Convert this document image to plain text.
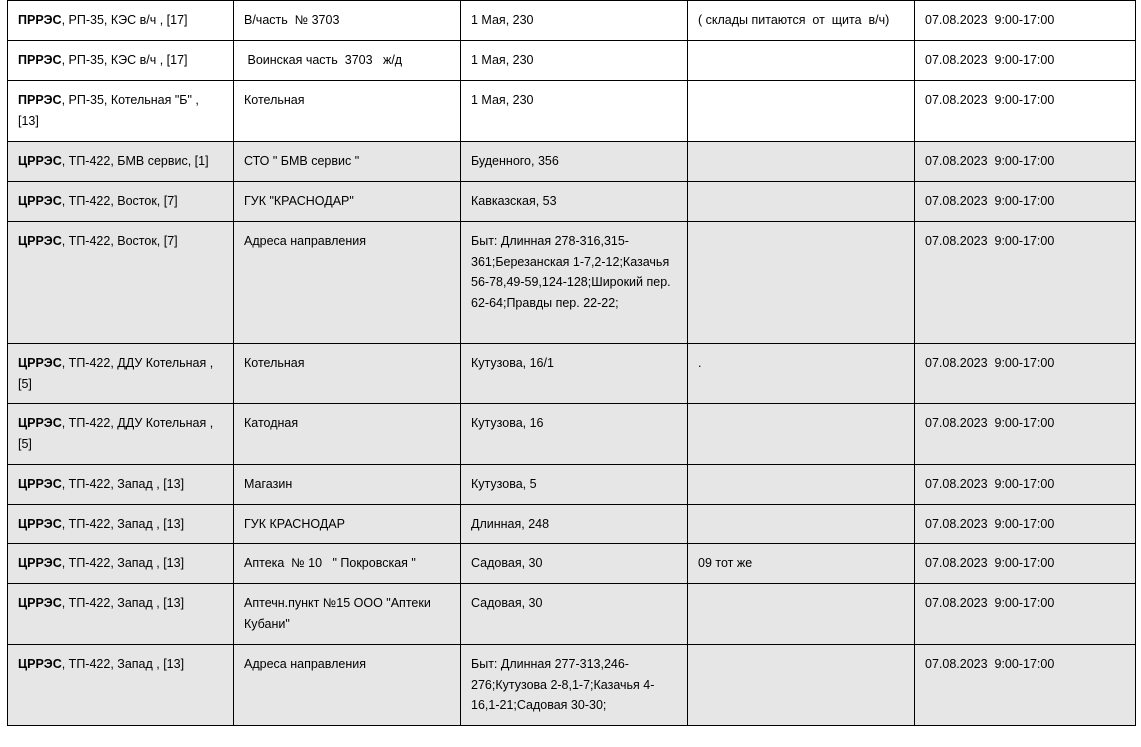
ПРРЭС, РП-35, КЭС в/ч , [17]	В/часть  № 3703	1 Мая, 230	( склады питаются  от  щита  в/ч)	07.08.2023  9:00-17:00
ПРРЭС, РП-35, КЭС в/ч , [17]	Воинская часть  3703   ж/д	1 Мая, 230		07.08.2023  9:00-17:00
ПРРЭС, РП-35, Котельная "Б" , [13]	Котельная	1 Мая, 230		07.08.2023  9:00-17:00
ЦРРЭС, ТП-422, БМВ сервис, [1]	СТО " БМВ сервис "	Буденного, 356		07.08.2023  9:00-17:00
ЦРРЭС, ТП-422, Восток, [7]	ГУК "КРАСНОДАР"	Кавказская, 53		07.08.2023  9:00-17:00
ЦРРЭС, ТП-422, Восток, [7]	Адреса направления	Быт: Длинная 278-316,315-361;Березанская 1-7,2-12;Казачья 56-78,49-59,124-128;Широкий пер. 62-64;Правды пер. 22-22;		07.08.2023  9:00-17:00
ЦРРЭС, ТП-422, ДДУ Котельная , [5]	Котельная	Кутузова, 16/1	.	07.08.2023  9:00-17:00
ЦРРЭС, ТП-422, ДДУ Котельная , [5]	Катодная	Кутузова, 16		07.08.2023  9:00-17:00
ЦРРЭС, ТП-422, Запад , [13]	Магазин	Кутузова, 5		07.08.2023  9:00-17:00
ЦРРЭС, ТП-422, Запад , [13]	ГУК КРАСНОДАР	Длинная, 248		07.08.2023  9:00-17:00
ЦРРЭС, ТП-422, Запад , [13]	Аптека  № 10   " Покровская "	Садовая, 30	09 тот же	07.08.2023  9:00-17:00
ЦРРЭС, ТП-422, Запад , [13]	Аптечн.пункт №15 ООО "Аптеки Кубани"	Садовая, 30		07.08.2023  9:00-17:00
ЦРРЭС, ТП-422, Запад , [13]	Адреса направления	Быт: Длинная 277-313,246-276;Кутузова 2-8,1-7;Казачья 4-16,1-21;Садовая 30-30;		07.08.2023  9:00-17:00
